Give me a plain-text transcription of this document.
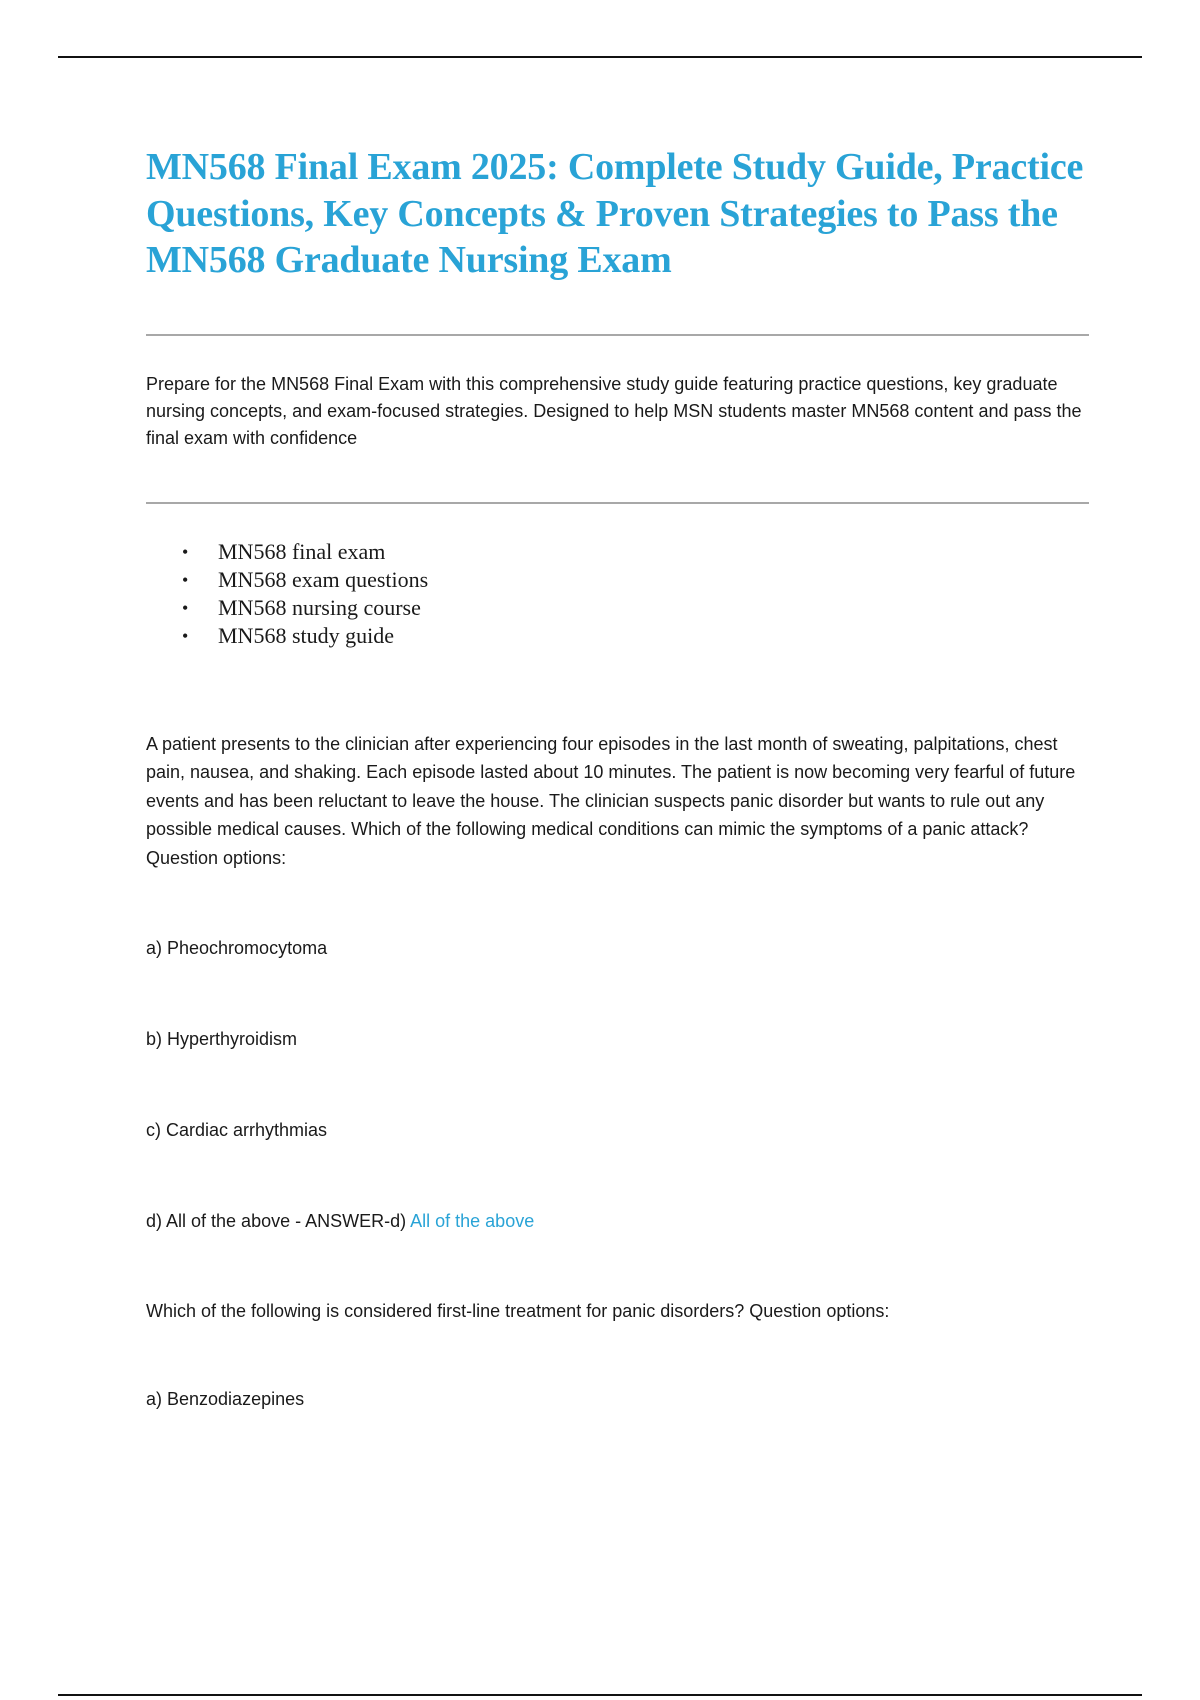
MN568 Final Exam 2025: Complete Study Guide, Practice Questions, Key Concepts & Proven Strategies to Pass the MN568 Graduate Nursing Exam

Prepare for the MN568 Final Exam with this comprehensive study guide featuring practice questions, key graduate nursing concepts, and exam-focused strategies. Designed to help MSN students master MN568 content and pass the final exam with confidence

• MN568 final exam
• MN568 exam questions
• MN568 nursing course
• MN568 study guide

A patient presents to the clinician after experiencing four episodes in the last month of sweating, palpitations, chest pain, nausea, and shaking. Each episode lasted about 10 minutes. The patient is now becoming very fearful of future events and has been reluctant to leave the house. The clinician suspects panic disorder but wants to rule out any possible medical causes. Which of the following medical conditions can mimic the symptoms of a panic attack? Question options:

a) Pheochromocytoma

b) Hyperthyroidism

c) Cardiac arrhythmias

d) All of the above - ANSWER-d) All of the above

Which of the following is considered first-line treatment for panic disorders? Question options:

a) Benzodiazepines
